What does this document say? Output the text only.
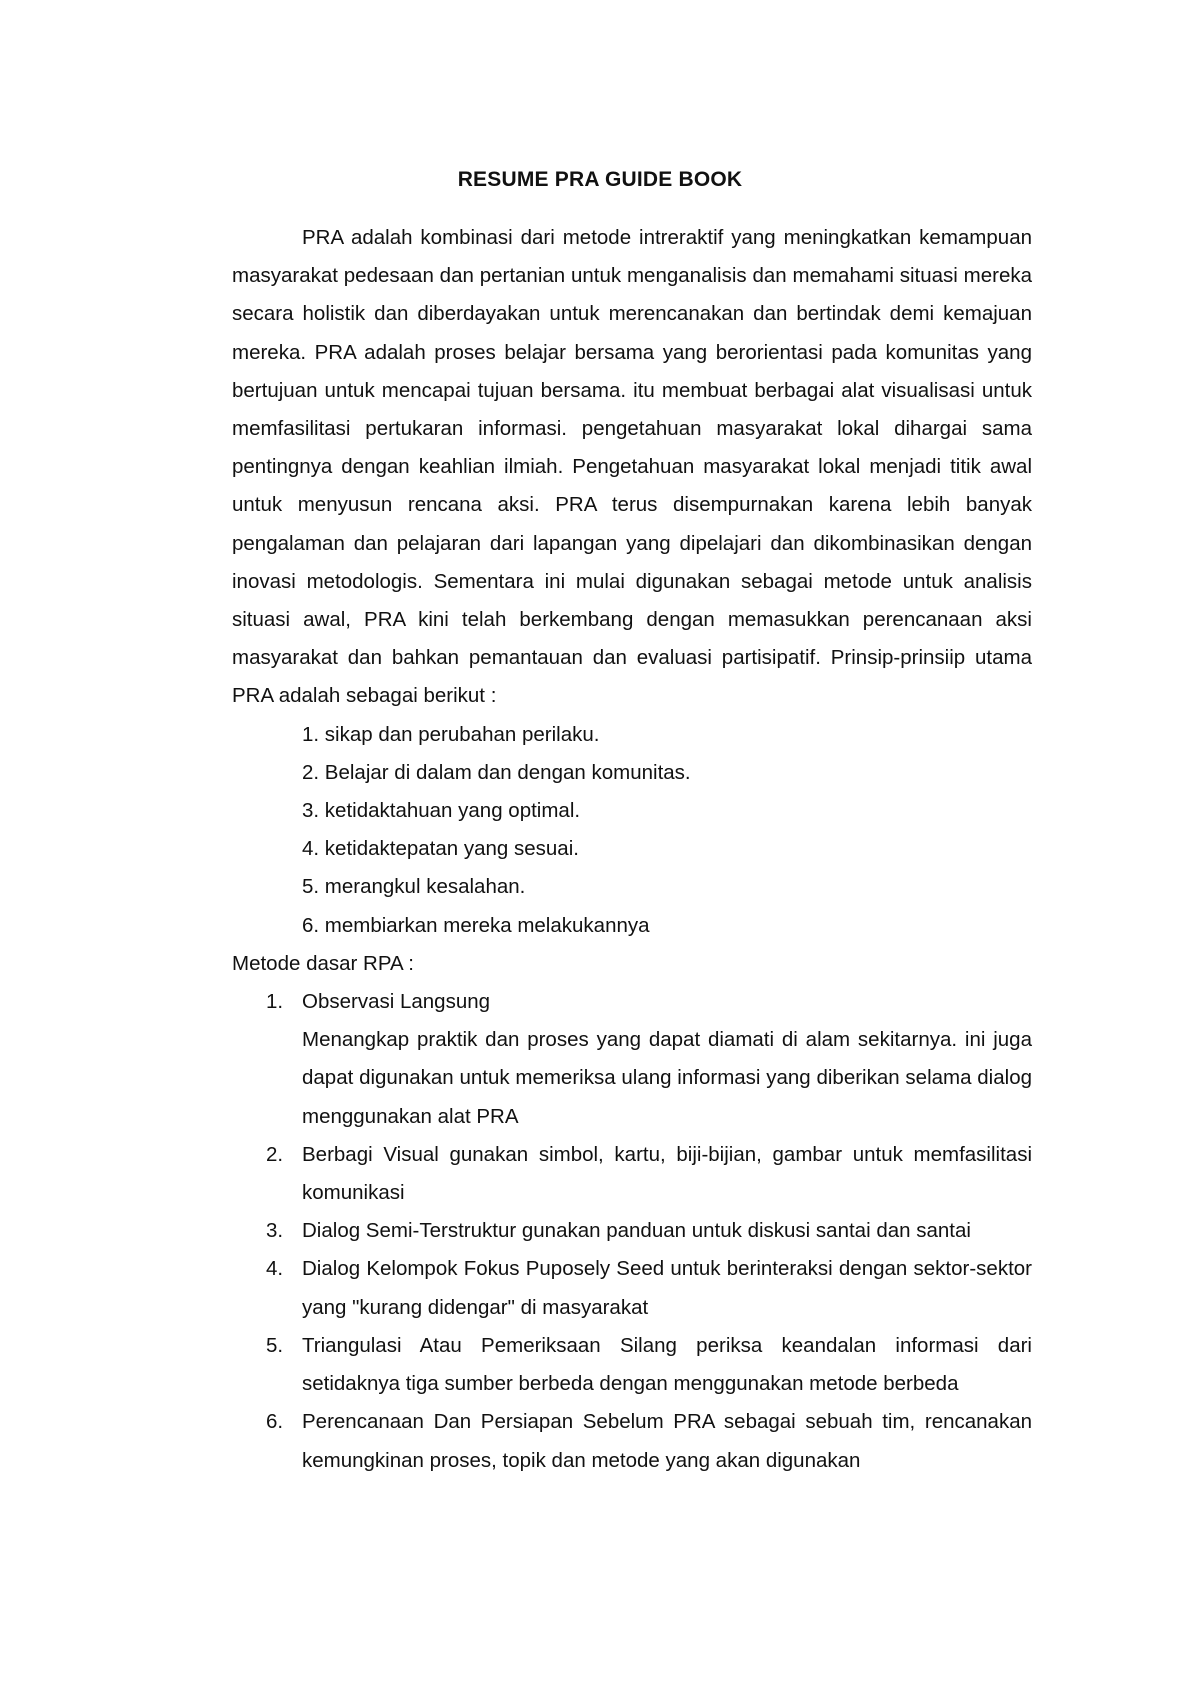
RESUME PRA GUIDE BOOK

PRA adalah kombinasi dari metode intreraktif yang meningkatkan kemampuan masyarakat pedesaan dan pertanian untuk menganalisis dan memahami situasi mereka secara holistik dan diberdayakan untuk merencanakan dan bertindak demi kemajuan mereka. PRA adalah proses belajar bersama yang berorientasi pada komunitas yang bertujuan untuk mencapai tujuan bersama. itu membuat berbagai alat visualisasi untuk memfasilitasi pertukaran informasi. pengetahuan masyarakat lokal dihargai sama pentingnya dengan keahlian ilmiah. Pengetahuan masyarakat lokal menjadi titik awal untuk menyusun rencana aksi. PRA terus disempurnakan karena lebih banyak pengalaman dan pelajaran dari lapangan yang dipelajari dan dikombinasikan dengan inovasi metodologis. Sementara ini mulai digunakan sebagai metode untuk analisis situasi awal, PRA kini telah berkembang dengan memasukkan perencanaan aksi masyarakat dan bahkan pemantauan dan evaluasi partisipatif. Prinsip-prinsiip utama PRA adalah sebagai berikut :

1. sikap dan perubahan perilaku.
2. Belajar di dalam dan dengan komunitas.
3. ketidaktahuan yang optimal.
4. ketidaktepatan yang sesuai.
5. merangkul kesalahan.
6. membiarkan mereka melakukannya

Metode dasar RPA :

1. Observasi Langsung
Menangkap praktik dan proses yang dapat diamati di alam sekitarnya. ini juga dapat digunakan untuk memeriksa ulang informasi yang diberikan selama dialog menggunakan alat PRA
2. Berbagi Visual gunakan simbol, kartu, biji-bijian, gambar untuk memfasilitasi komunikasi
3. Dialog Semi-Terstruktur gunakan panduan untuk diskusi santai dan santai
4. Dialog Kelompok Fokus Puposely Seed untuk berinteraksi dengan sektor-sektor yang "kurang didengar" di masyarakat
5. Triangulasi Atau Pemeriksaan Silang periksa keandalan informasi dari setidaknya tiga sumber berbeda dengan menggunakan metode berbeda
6. Perencanaan Dan Persiapan Sebelum PRA sebagai sebuah tim, rencanakan kemungkinan proses, topik dan metode yang akan digunakan
